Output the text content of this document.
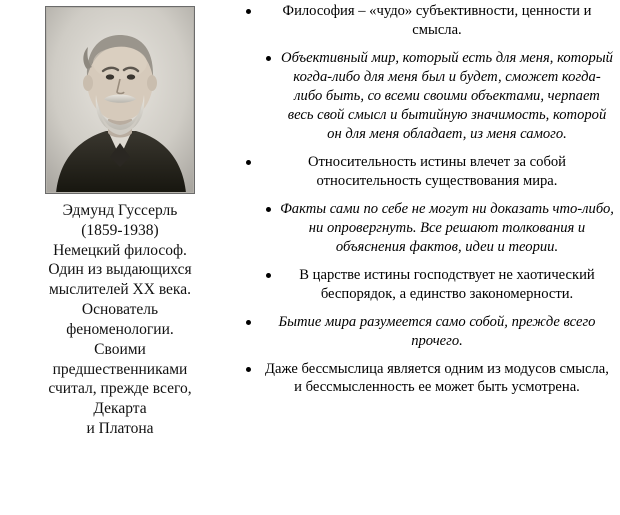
Эдмунд Гуссерль
(1859-1938)
Немецкий философ.
Один из выдающихся
мыслителей XX века.
Основатель
феноменологии.
Своими
предшественниками
считал, прежде всего,
Декарта
и Платона
Философия – «чудо» субъективности, ценности и смысла.
Объективный мир, который есть для меня, который когда-либо для меня был и будет, сможет когда-либо быть, со всеми своими объектами, черпает весь свой смысл и бытийную значимость, которой он для меня обладает, из меня самого.
Относительность истины влечет за собой относительность существования мира.
Факты сами по себе не могут ни доказать что-либо, ни опровергнуть. Все решают толкования и объяснения фактов, идеи и теории.
В царстве истины господствует не хаотический беспорядок, а единство закономерности.
Бытие мира разумеется само собой, прежде всего прочего.
Даже бессмыслица является одним из модусов смысла, и бессмысленность ее может быть усмотрена.
